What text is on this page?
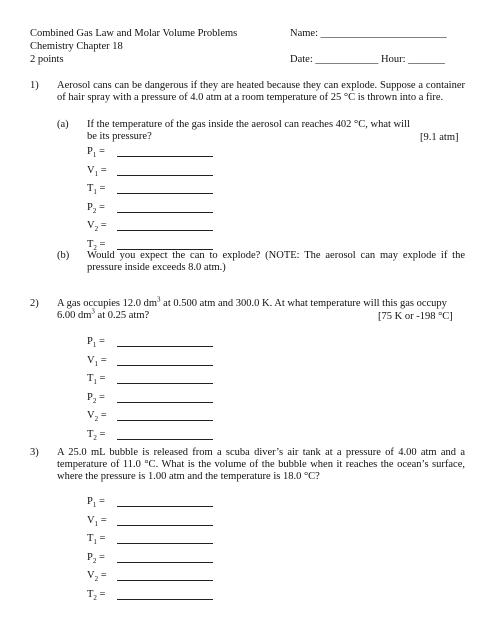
Combined Gas Law and Molar Volume Problems
Chemistry Chapter 18
2 points
Name: ________________________
Date: ____________ Hour: _______
1) Aerosol cans can be dangerous if they are heated because they can explode. Suppose a container of hair spray with a pressure of 4.0 atm at a room temperature of 25 °C is thrown into a fire.
(a) If the temperature of the gas inside the aerosol can reaches 402 °C, what will be its pressure?	[9.1 atm]
$P_1$ =
$V_1$ =
$T_1$ =
$P_2$ =
$V_2$ =
$T_2$ =
(b) Would you expect the can to explode? (NOTE: The aerosol can may explode if the pressure inside exceeds 8.0 atm.)
2) A gas occupies 12.0 $dm^3$ at 0.500 atm and 300.0 K. At what temperature will this gas occupy 6.00 $dm^3$ at 0.25 atm?	[75 K or -198 °C]
$P_1$ =
$V_1$ =
$T_1$ =
$P_2$ =
$V_2$ =
$T_2$ =
3) A 25.0 mL bubble is released from a scuba diver’s air tank at a pressure of 4.00 atm and a temperature of 11.0 °C. What is the volume of the bubble when it reaches the ocean’s surface, where the pressure is 1.00 atm and the temperature is 18.0 °C?
$P_1$ =
$V_1$ =
$T_1$ =
$P_2$ =
$V_2$ =
$T_2$ =
